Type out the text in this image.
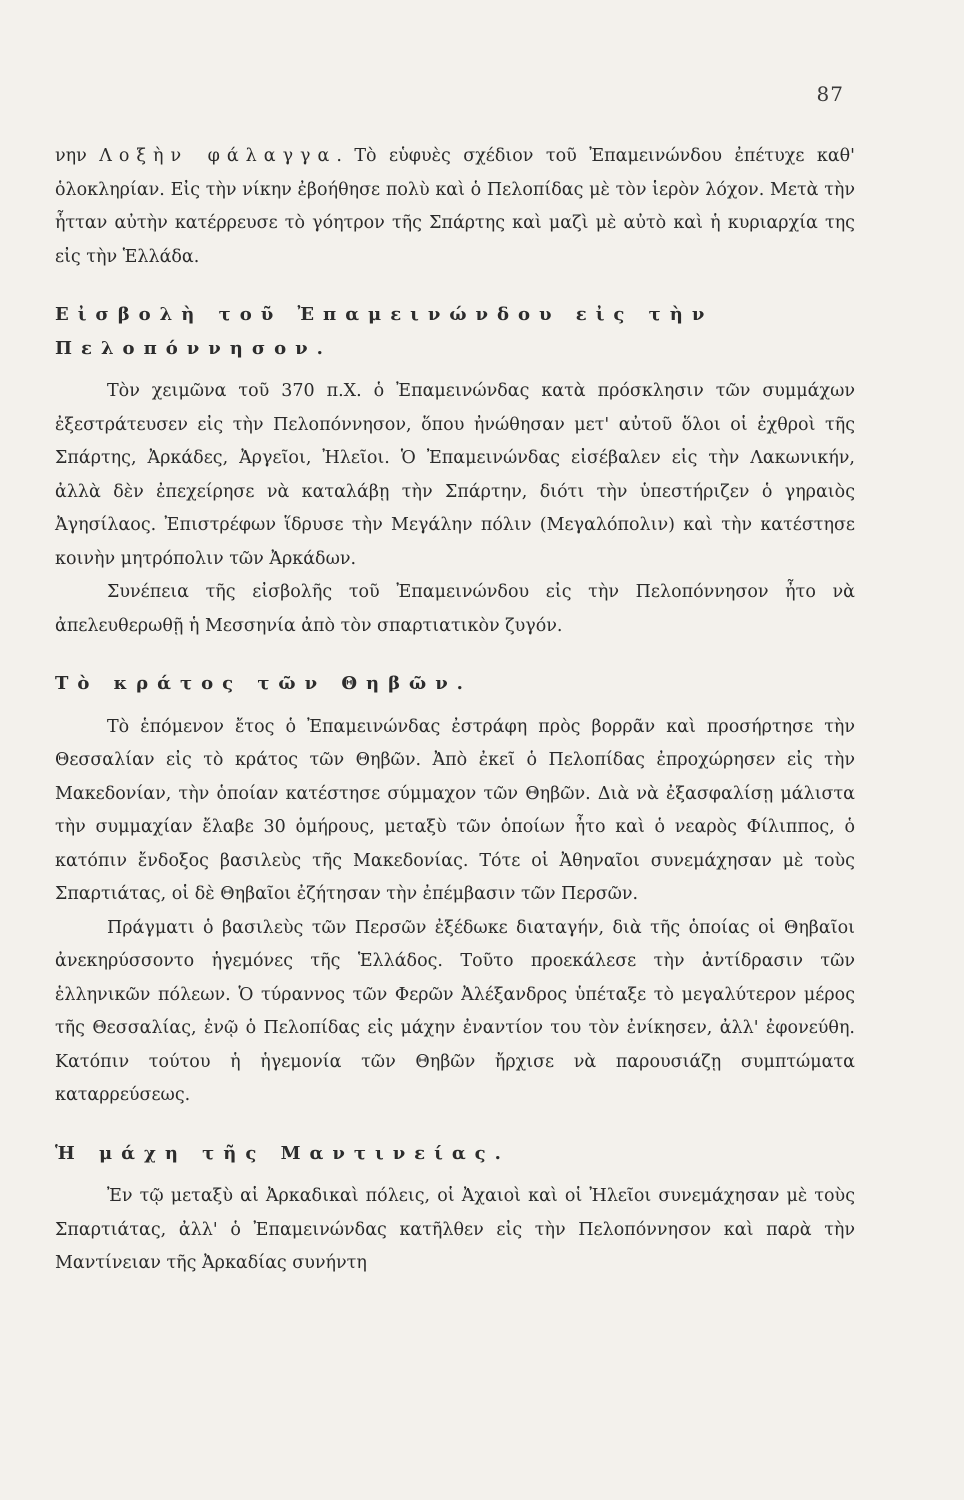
87

νην Λοξὴν φάλαγγα. Τὸ εὑφυὲς σχέδιον τοῦ Ἐπαμεινώνδου ἐπέτυχε καθ' ὁλοκληρίαν. Εἰς τὴν νίκην ἐβοήθησε πολὺ καὶ ὁ Πελοπίδας μὲ τὸν ἱερὸν λόχον. Μετὰ τὴν ἧτταν αὐτὴν κατέρρευσε τὸ γόητρον τῆς Σπάρτης καὶ μαζὶ μὲ αὐτὸ καὶ ἡ κυριαρχία της εἰς τὴν Ἑλλάδα.

Εἰσβολὴ τοῦ Ἐπαμεινώνδου εἰς τὴν Πελοπόννησον.

Τὸν χειμῶνα τοῦ 370 π.Χ. ὁ Ἐπαμεινώνδας κατὰ πρόσκλησιν τῶν συμμάχων ἐξεστράτευσεν εἰς τὴν Πελοπόννησον, ὅπου ἠνώθησαν μετ' αὐτοῦ ὅλοι οἱ ἐχθροὶ τῆς Σπάρτης, Ἀρκάδες, Ἀργεῖοι, Ἠλεῖοι. Ὁ Ἐπαμεινώνδας εἰσέβαλεν εἰς τὴν Λακωνικήν, ἀλλὰ δὲν ἐπεχείρησε νὰ καταλάβῃ τὴν Σπάρτην, διότι τὴν ὑπεστήριζεν ὁ γηραιὸς Ἀγησίλαος. Ἐπιστρέφων ἵδρυσε τὴν Μεγάλην πόλιν (Μεγαλόπολιν) καὶ τὴν κατέστησε κοινὴν μητρόπολιν τῶν Ἀρκάδων.

Συνέπεια τῆς εἰσβολῆς τοῦ Ἐπαμεινώνδου εἰς τὴν Πελοπόννησον ἦτο νὰ ἀπελευθερωθῇ ἡ Μεσσηνία ἀπὸ τὸν σπαρτιατικὸν ζυγόν.

Τὸ κράτος τῶν Θηβῶν.

Τὸ ἑπόμενον ἔτος ὁ Ἐπαμεινώνδας ἐστράφη πρὸς βορρᾶν καὶ προσήρτησε τὴν Θεσσαλίαν εἰς τὸ κράτος τῶν Θηβῶν. Ἀπὸ ἐκεῖ ὁ Πελοπίδας ἐπροχώρησεν εἰς τὴν Μακεδονίαν, τὴν ὁποίαν κατέστησε σύμμαχον τῶν Θηβῶν. Διὰ νὰ ἐξασφαλίσῃ μάλιστα τὴν συμμαχίαν ἔλαβε 30 ὁμήρους, μεταξὺ τῶν ὁποίων ἦτο καὶ ὁ νεαρὸς Φίλιππος, ὁ κατόπιν ἔνδοξος βασιλεὺς τῆς Μακεδονίας. Τότε οἱ Ἀθηναῖοι συνεμάχησαν μὲ τοὺς Σπαρτιάτας, οἱ δὲ Θηβαῖοι ἐζήτησαν τὴν ἐπέμβασιν τῶν Περσῶν.

Πράγματι ὁ βασιλεὺς τῶν Περσῶν ἐξέδωκε διαταγήν, διὰ τῆς ὁποίας οἱ Θηβαῖοι ἀνεκηρύσσοντο ἡγεμόνες τῆς Ἑλλάδος. Τοῦτο προεκάλεσε τὴν ἀντίδρασιν τῶν ἑλληνικῶν πόλεων. Ὁ τύραννος τῶν Φερῶν Ἀλέξανδρος ὑπέταξε τὸ μεγαλύτερον μέρος τῆς Θεσσαλίας, ἐνῷ ὁ Πελοπίδας εἰς μάχην ἐναντίον του τὸν ἐνίκησεν, ἀλλ' ἐφονεύθη. Κατόπιν τούτου ἡ ἡγεμονία τῶν Θηβῶν ἤρχισε νὰ παρουσιάζῃ συμπτώματα καταρρεύσεως.

Ἡ μάχη τῆς Μαντινείας.

Ἐν τῷ μεταξὺ αἱ Ἀρκαδικαὶ πόλεις, οἱ Ἀχαιοὶ καὶ οἱ Ἠλεῖοι συνεμάχησαν μὲ τοὺς Σπαρτιάτας, ἀλλ' ὁ Ἐπαμεινώνδας κατῆλθεν εἰς τὴν Πελοπόννησον καὶ παρὰ τὴν Μαντίνειαν τῆς Ἀρκαδίας συνήντη
